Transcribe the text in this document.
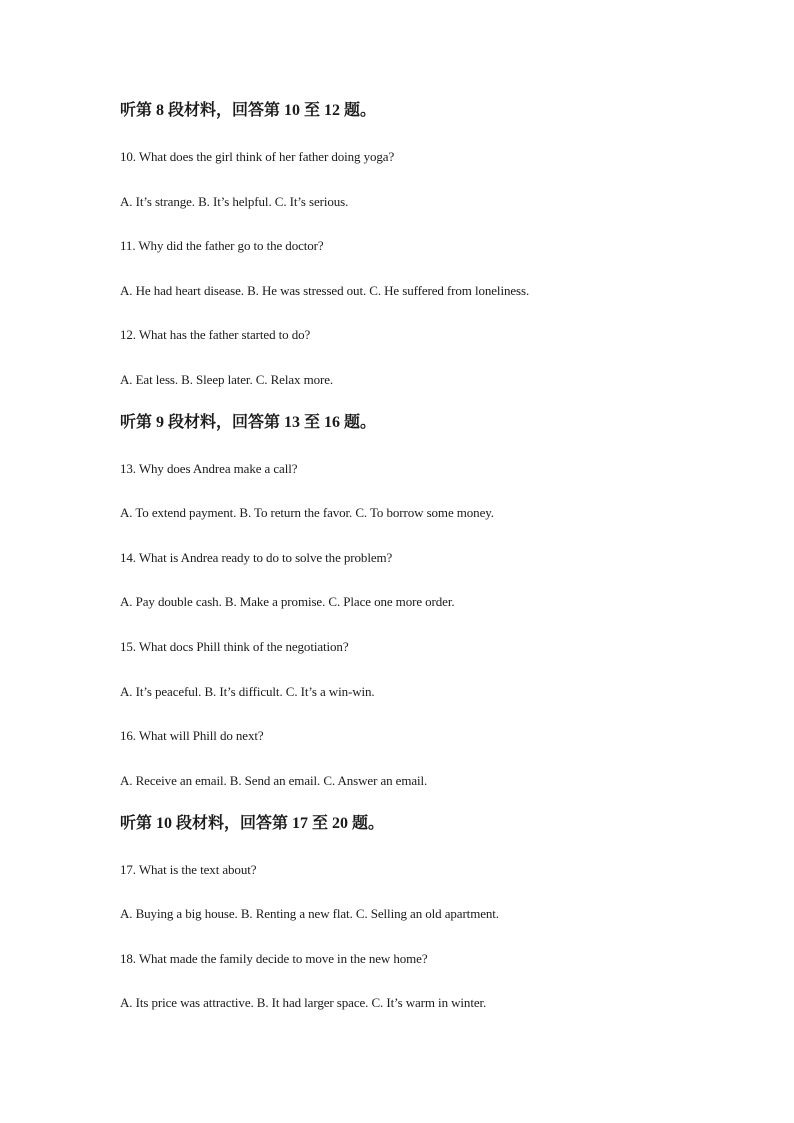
听第 8 段材料，回答第 10 至 12 题。
10. What does the girl think of her father doing yoga?
A. It’s strange. B. It’s helpful. C. It’s serious.
11. Why did the father go to the doctor?
A. He had heart disease. B. He was stressed out. C. He suffered from loneliness.
12. What has the father started to do?
A. Eat less. B. Sleep later. C. Relax more.
听第 9 段材料，回答第 13 至 16 题。
13. Why does Andrea make a call?
A. To extend payment. B. To return the favor. C. To borrow some money.
14. What is Andrea ready to do to solve the problem?
A. Pay double cash. B. Make a promise. C. Place one more order.
15. What docs Phill think of the negotiation?
A. It’s peaceful. B. It’s difficult. C. It’s a win-win.
16. What will Phill do next?
A. Receive an email. B. Send an email. C. Answer an email.
听第 10 段材料，回答第 17 至 20 题。
17. What is the text about?
A. Buying a big house. B. Renting a new flat. C. Selling an old apartment.
18. What made the family decide to move in the new home?
A. Its price was attractive. B. It had larger space. C. It’s warm in winter.
